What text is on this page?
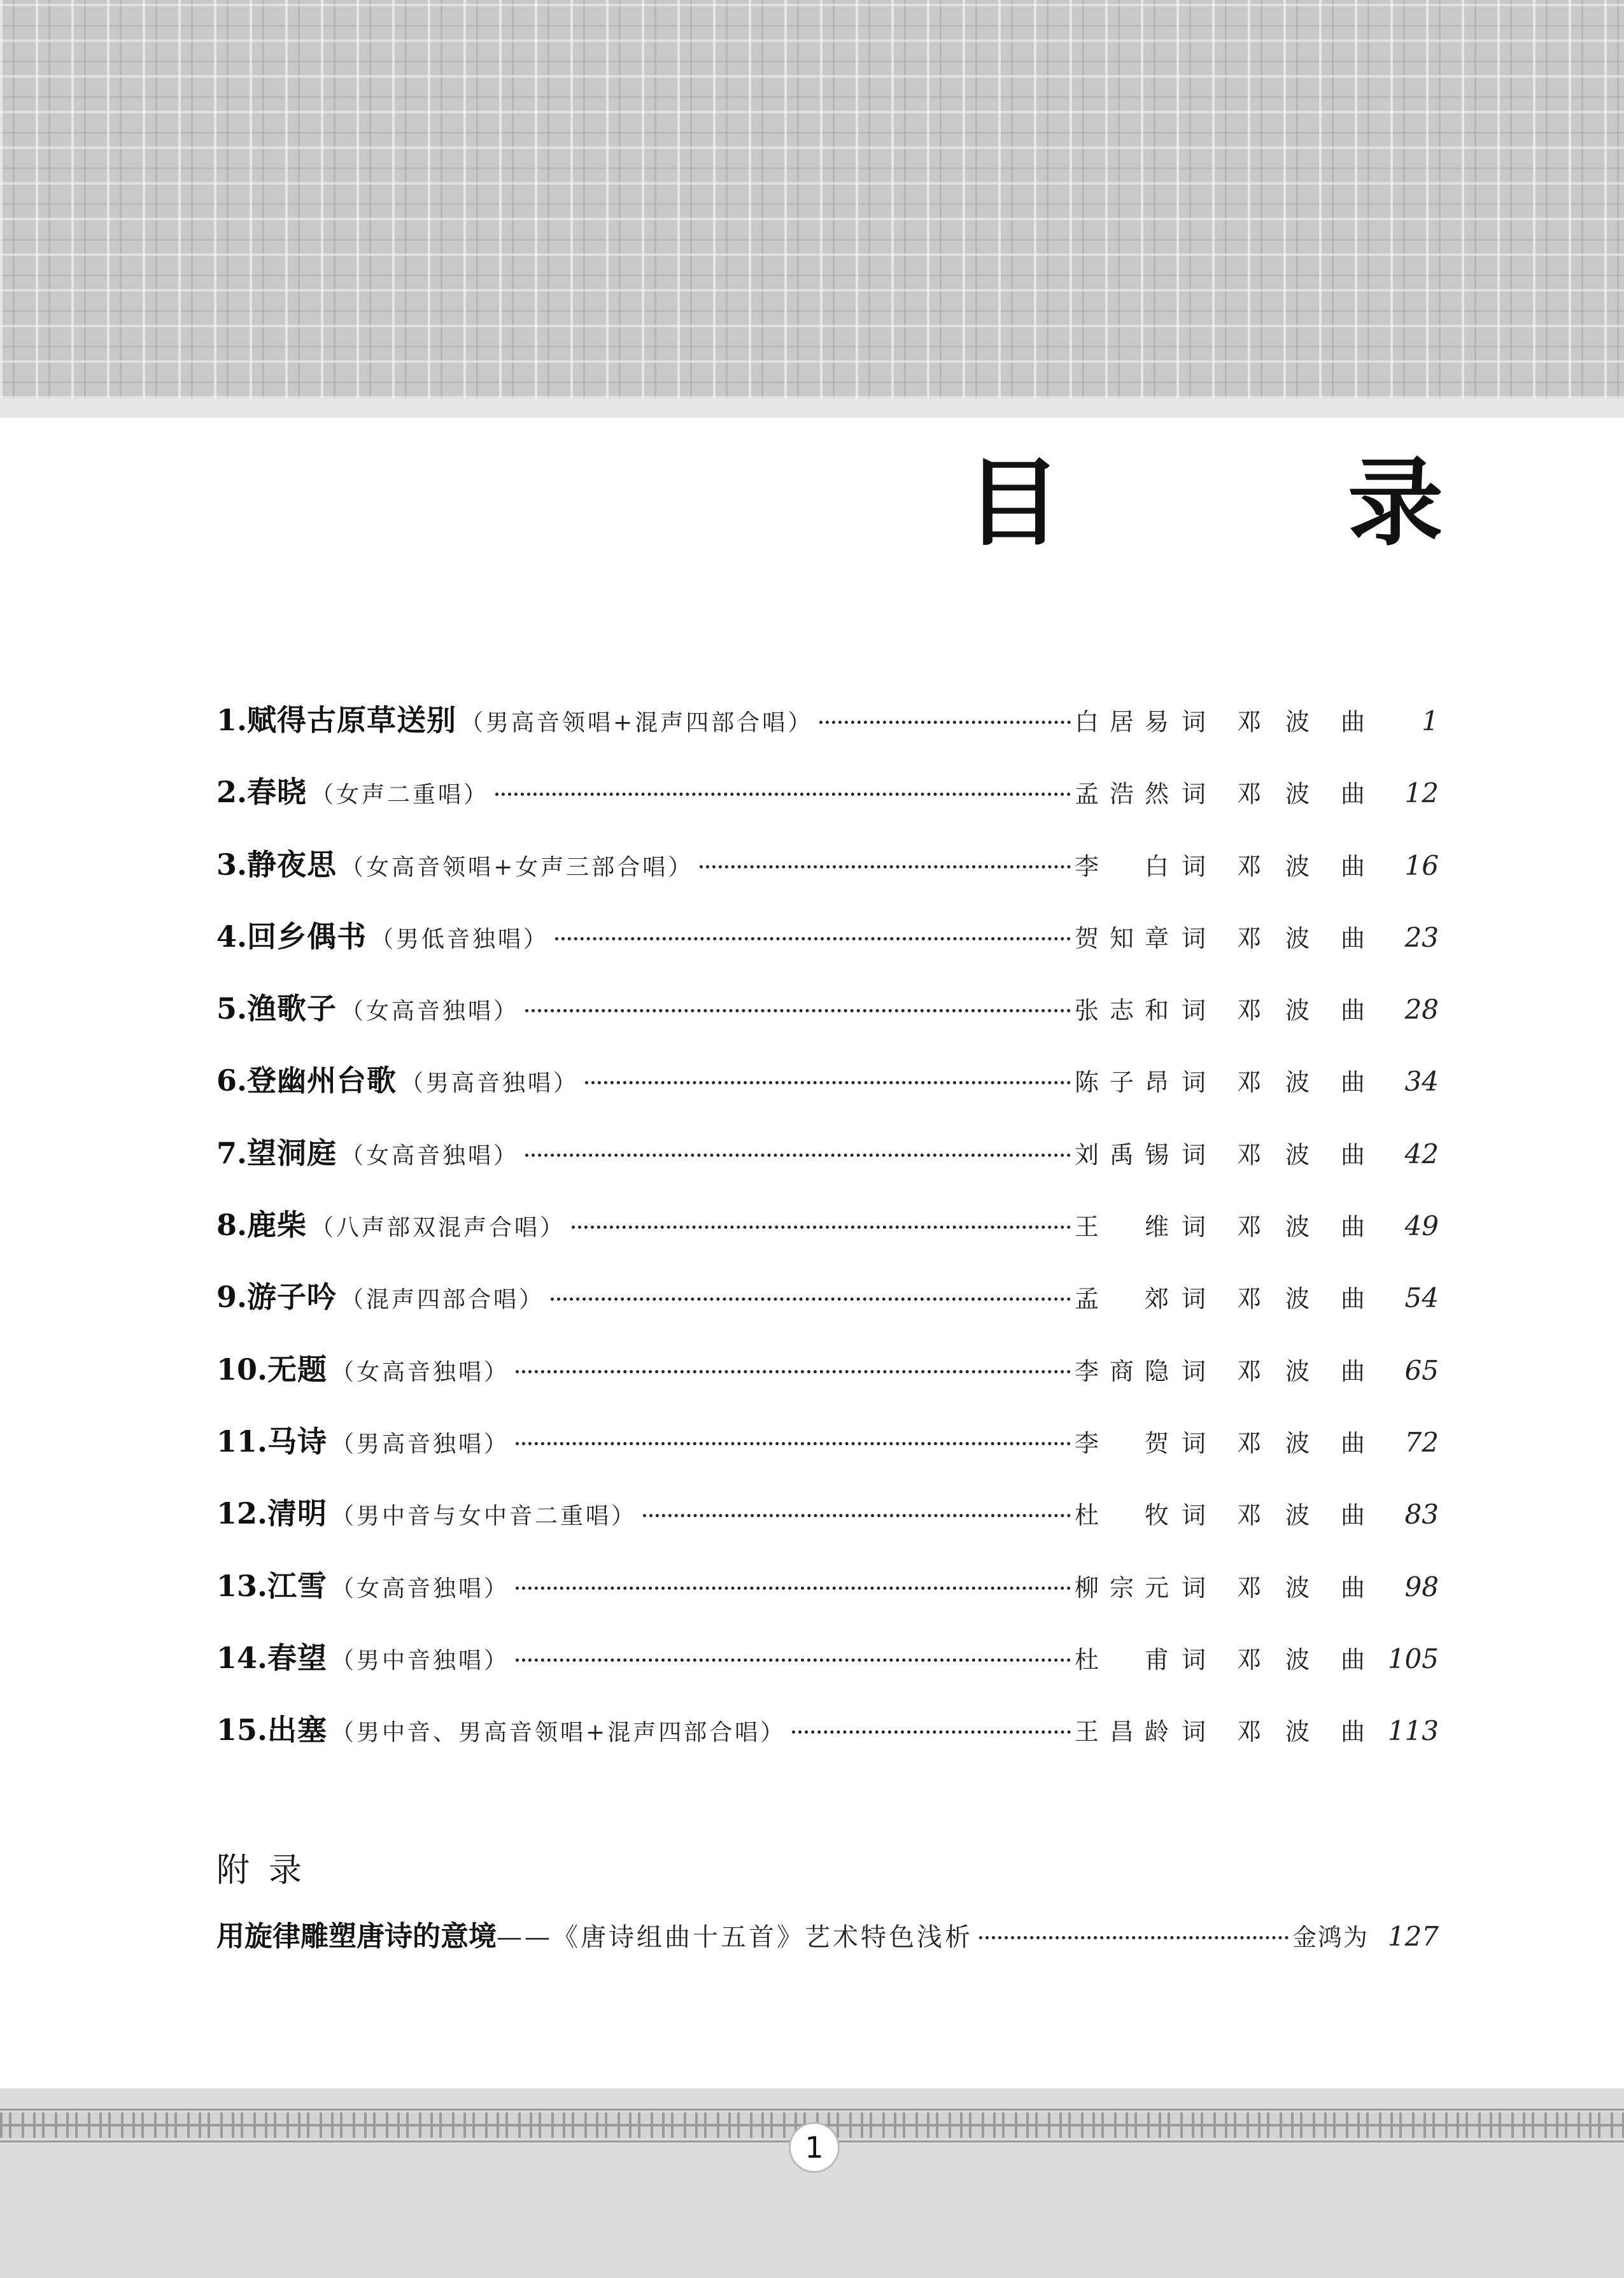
目　录
1. 赋得古原草送别 （男高音领唱+混声四部合唱）	白居易 词	邓　波	曲	1
2. 春晓 （女声二重唱）	孟浩然 词	邓　波	曲	12
3. 静夜思 （女高音领唱+女声三部合唱）	李　白 词	邓　波	曲	16
4. 回乡偶书 （男低音独唱）	贺知章 词	邓　波	曲	23
5. 渔歌子 （女高音独唱）	张志和 词	邓　波	曲	28
6. 登幽州台歌 （男高音独唱）	陈子昂 词	邓　波	曲	34
7. 望洞庭 （女高音独唱）	刘禹锡 词	邓　波	曲	42
8. 鹿柴 （八声部双混声合唱）	王　维 词	邓　波	曲	49
9. 游子吟 （混声四部合唱）	孟　郊 词	邓　波	曲	54
10. 无题 （女高音独唱）	李商隐 词	邓　波	曲	65
11. 马诗 （男高音独唱）	李　贺 词	邓　波	曲	72
12. 清明 （男中音与女中音二重唱）	杜　牧 词	邓　波	曲	83
13. 江雪 （女高音独唱）	柳宗元 词	邓　波	曲	98
14. 春望 （男中音独唱）	杜　甫 词	邓　波	曲 105
15. 出塞 （男中音、男高音领唱+混声四部合唱）	王昌龄 词	邓　波	曲 113
附录
用旋律雕塑唐诗的意境 ——《唐诗组曲十五首》艺术特色浅析	金鸿为 127
1
